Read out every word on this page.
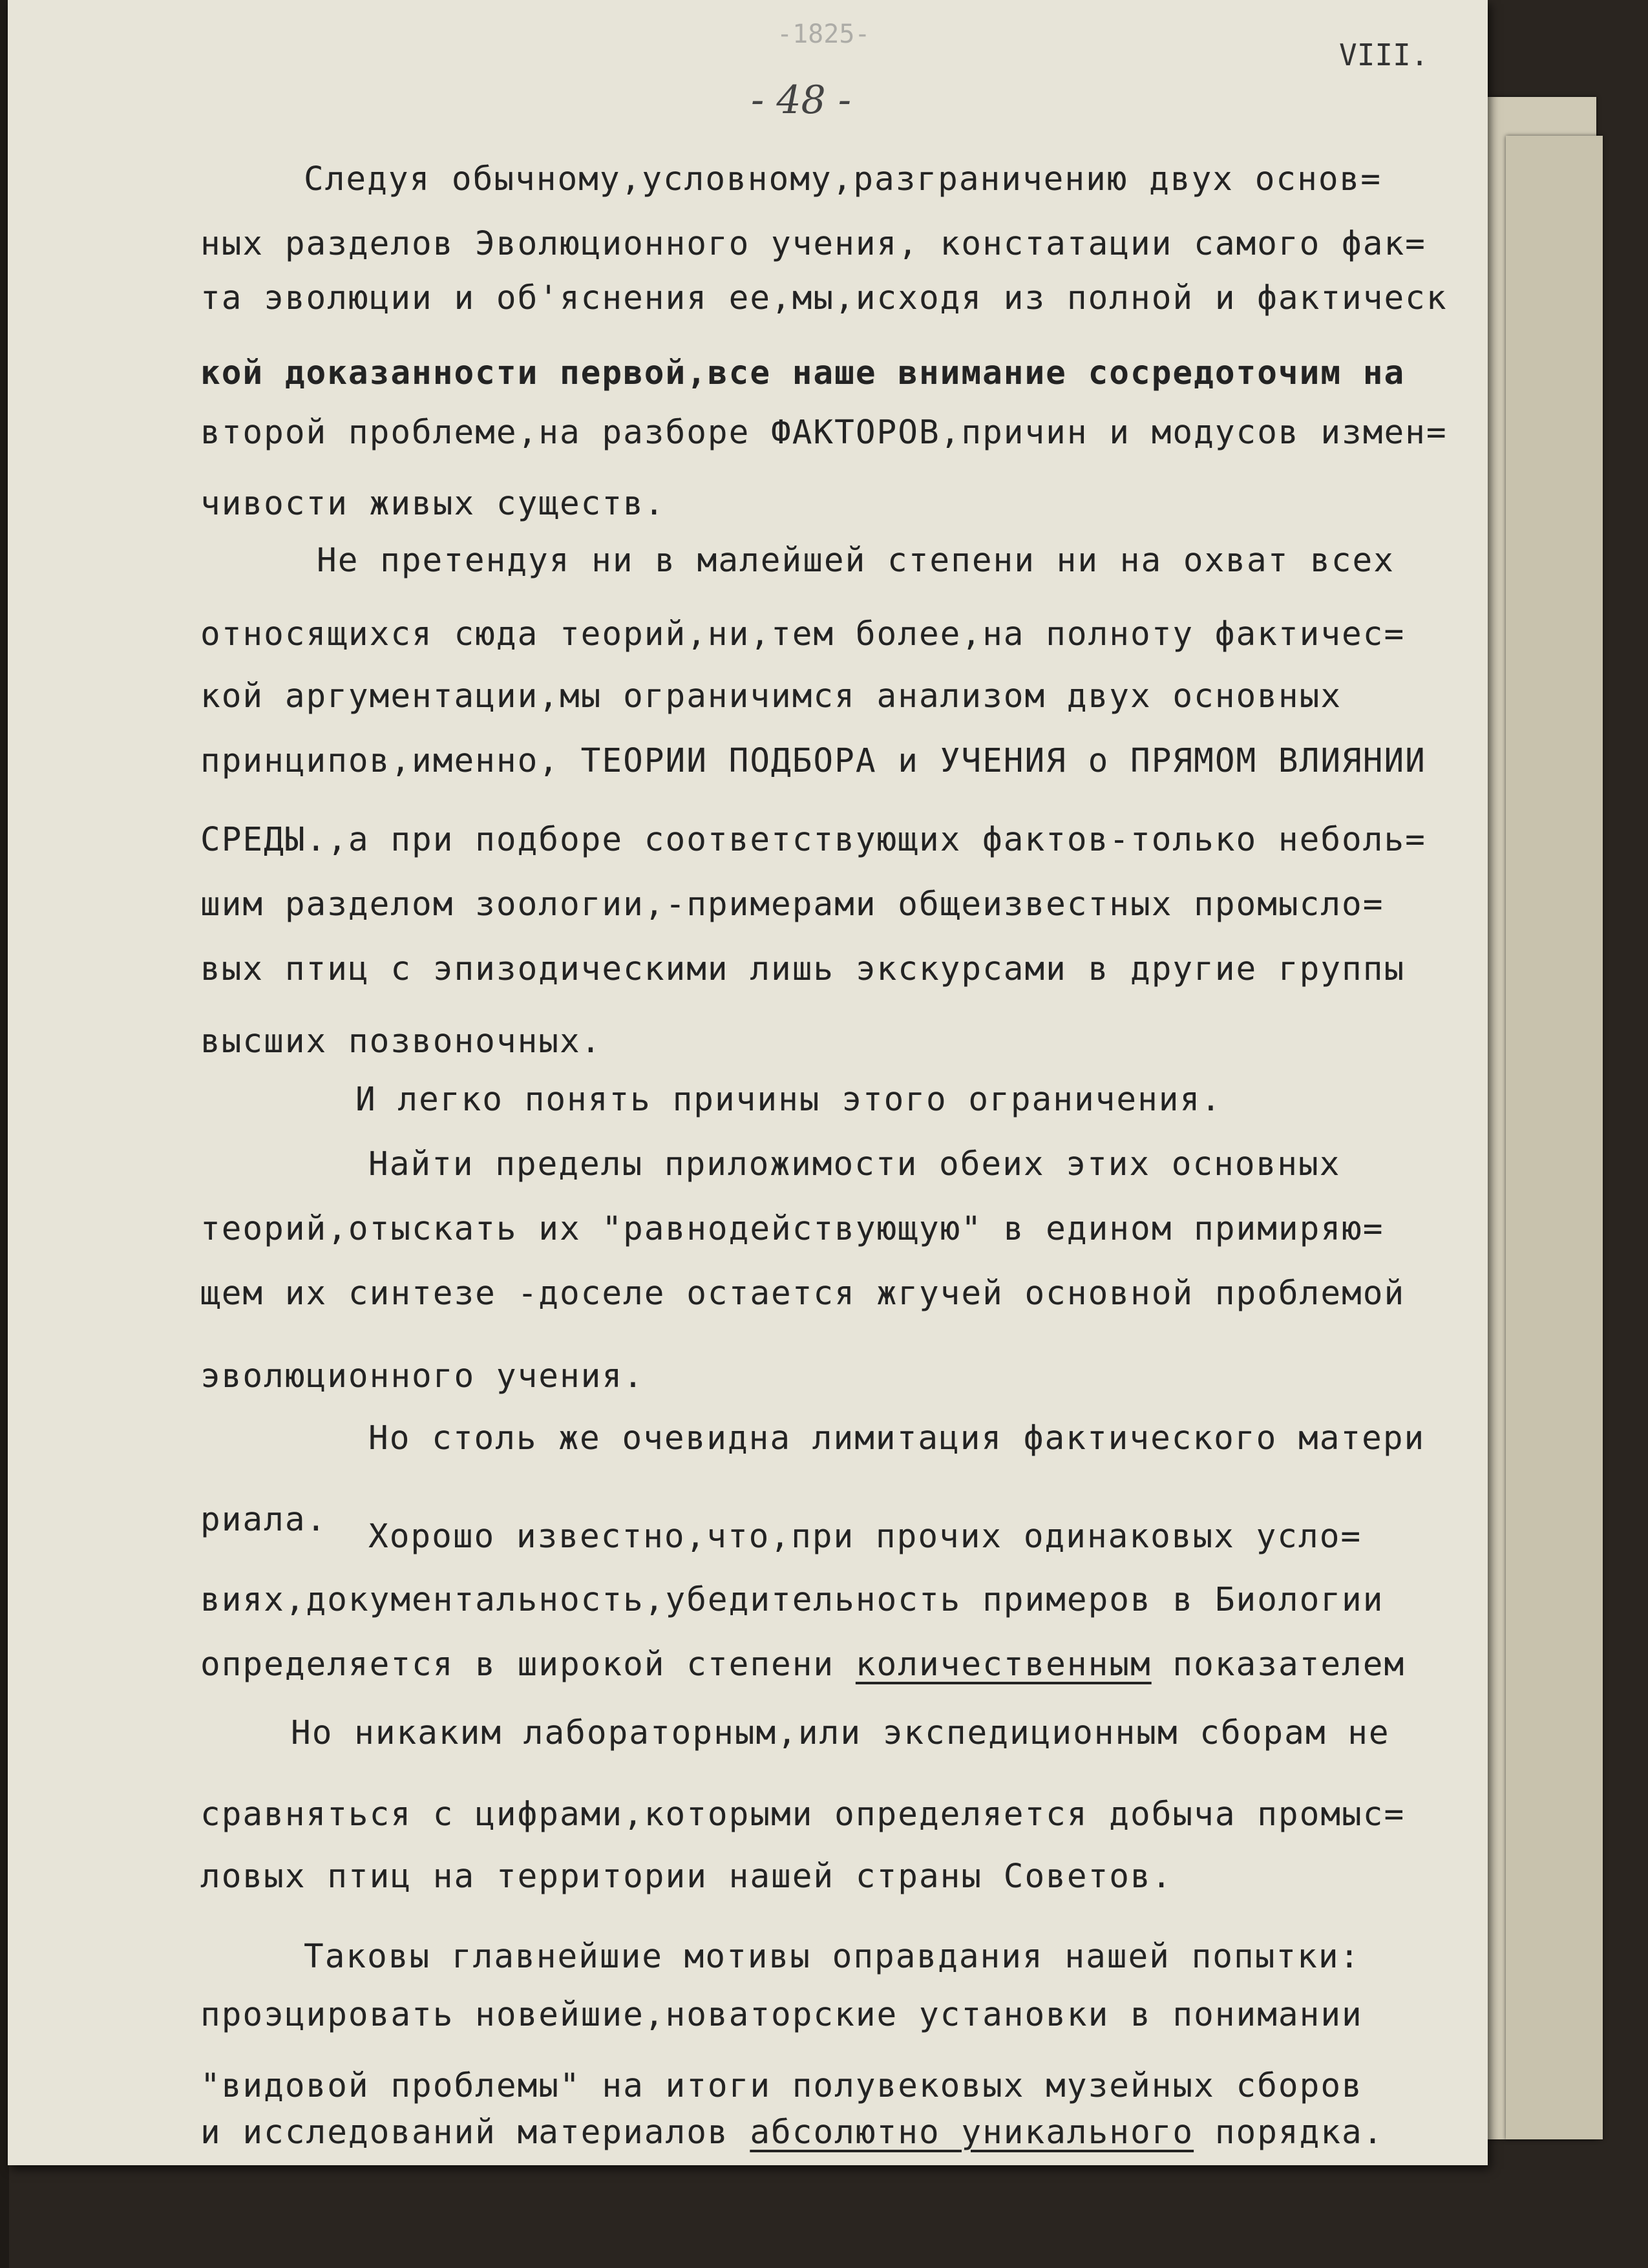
-1825-
VIII.
- 48 -
Следуя обычному,условному,разграничению двух основ=
ных разделов Эволюционного учения, констатации самого фак=
та эволюции и об'яснения ее,мы,исходя из полной и фактическ
кой доказанности первой,все наше внимание сосредоточим на
второй проблеме,на разборе ФАКТОРОВ,причин и модусов измен=
чивости живых существ.
Не претендуя ни в малейшей степени ни на охват всех
относящихся сюда теорий,ни,тем более,на полноту фактичес=
кой аргументации,мы ограничимся анализом двух основных
принципов,именно, ТЕОРИИ ПОДБОРА и УЧЕНИЯ о ПРЯМОМ ВЛИЯНИИ
СРЕДЫ.,а при подборе соответствующих фактов-только неболь=
шим разделом зоологии,-примерами общеизвестных промысло=
вых птиц с эпизодическими лишь экскурсами в другие группы
высших позвоночных.
И легко понять причины этого ограничения.
Найти пределы приложимости обеих этих основных
теорий,отыскать их "равнодействующую" в едином примиряю=
щем их синтезе -доселе остается жгучей основной проблемой
эволюционного учения.
Но столь же очевидна лимитация фактического матери
риала. Хорошо известно,что,при прочих одинаковых усло=
виях,документальность,убедительность примеров в Биологии
определяется в широкой степени количественным показателем
Но никаким лабораторным,или экспедиционным сборам не
сравняться с цифрами,которыми определяется добыча промыс=
ловых птиц на территории нашей страны Советов.
Таковы главнейшие мотивы оправдания нашей попытки:
проэцировать новейшие,новаторские установки в понимании
"видовой проблемы" на итоги полувековых музейных сборов
и исследований материалов абсолютно уникального порядка.
